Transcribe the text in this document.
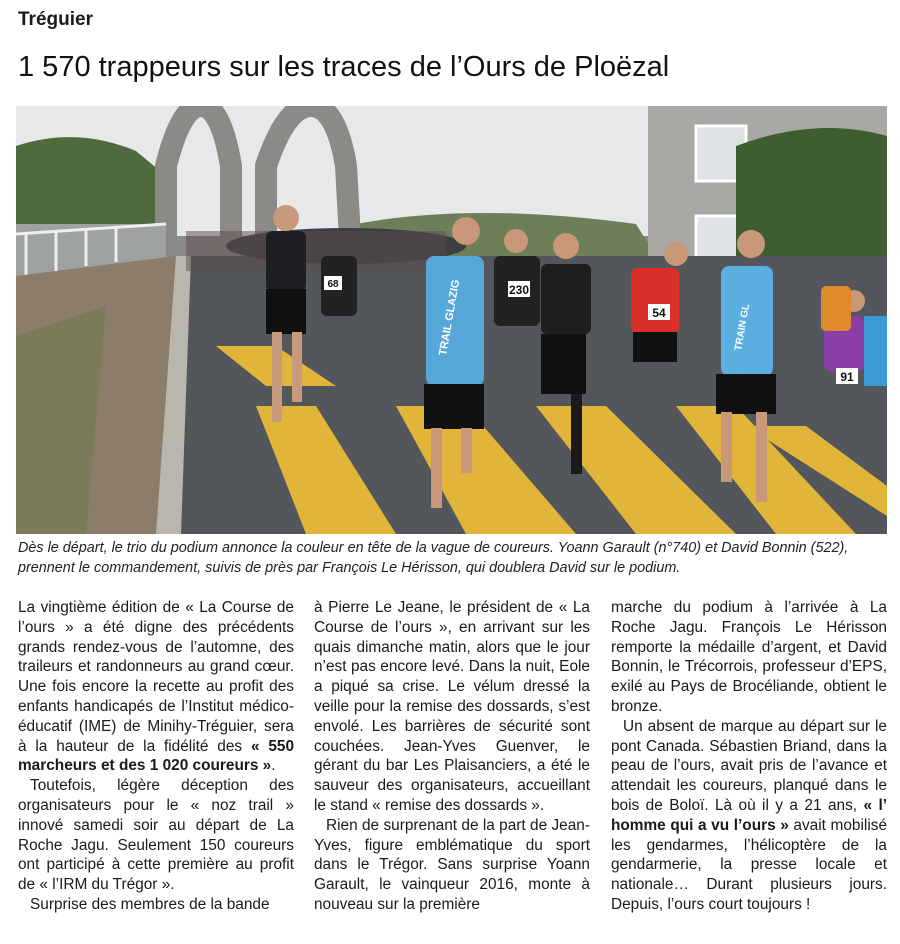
Tréguier
1 570 trappeurs sur les traces de l’Ours de Ploëzal
TRAIL GLAZIG	230
68
54	TRAIN GL
91
Dès le départ, le trio du podium annonce la couleur en tête de la vague de coureurs. Yoann Garault (n°740) et David Bonnin (522), prennent le commandement, suivis de près par François Le Hérisson, qui doublera David sur le podium.

La vingtième édition de « La Course de l’ours » a été digne des précédents grands rendez-vous de l’automne, des traileurs et randonneurs au grand cœur. Une fois encore la recette au profit des enfants handicapés de l’Institut médico-éducatif (IME) de Minihy-Tréguier, sera à la hauteur de la fidélité des « 550 marcheurs et des 1 020 coureurs ».

Toutefois, légère déception des organisateurs pour le « noz trail » innové samedi soir au départ de La Roche Jagu. Seulement 150 coureurs ont participé à cette première au profit de « l’IRM du Trégor ».

Surprise des membres de la bande

à Pierre Le Jeane, le président de « La Course de l’ours », en arrivant sur les quais dimanche matin, alors que le jour n’est pas encore levé. Dans la nuit, Eole a piqué sa crise. Le vélum dressé la veille pour la remise des dossards, s’est envolé. Les barrières de sécurité sont couchées. Jean-Yves Guenver, le gérant du bar Les Plaisanciers, a été le sauveur des organisateurs, accueillant le stand « remise des dossards ».

Rien de surprenant de la part de Jean-Yves, figure emblématique du sport dans le Trégor. Sans surprise Yoann Garault, le vainqueur 2016, monte à nouveau sur la première

marche du podium à l’arrivée à La Roche Jagu. François Le Hérisson remporte la médaille d’argent, et David Bonnin, le Trécorrois, professeur d’EPS, exilé au Pays de Brocéliande, obtient le bronze.

Un absent de marque au départ sur le pont Canada. Sébastien Briand, dans la peau de l’ours, avait pris de l’avance et attendait les coureurs, planqué dans le bois de Boloï. Là où il y a 21 ans, « l’ homme qui a vu l’ours » avait mobilisé les gendarmes, l’hélicoptère de la gendarmerie, la presse locale et nationale… Durant plusieurs jours. Depuis, l’ours court toujours !
